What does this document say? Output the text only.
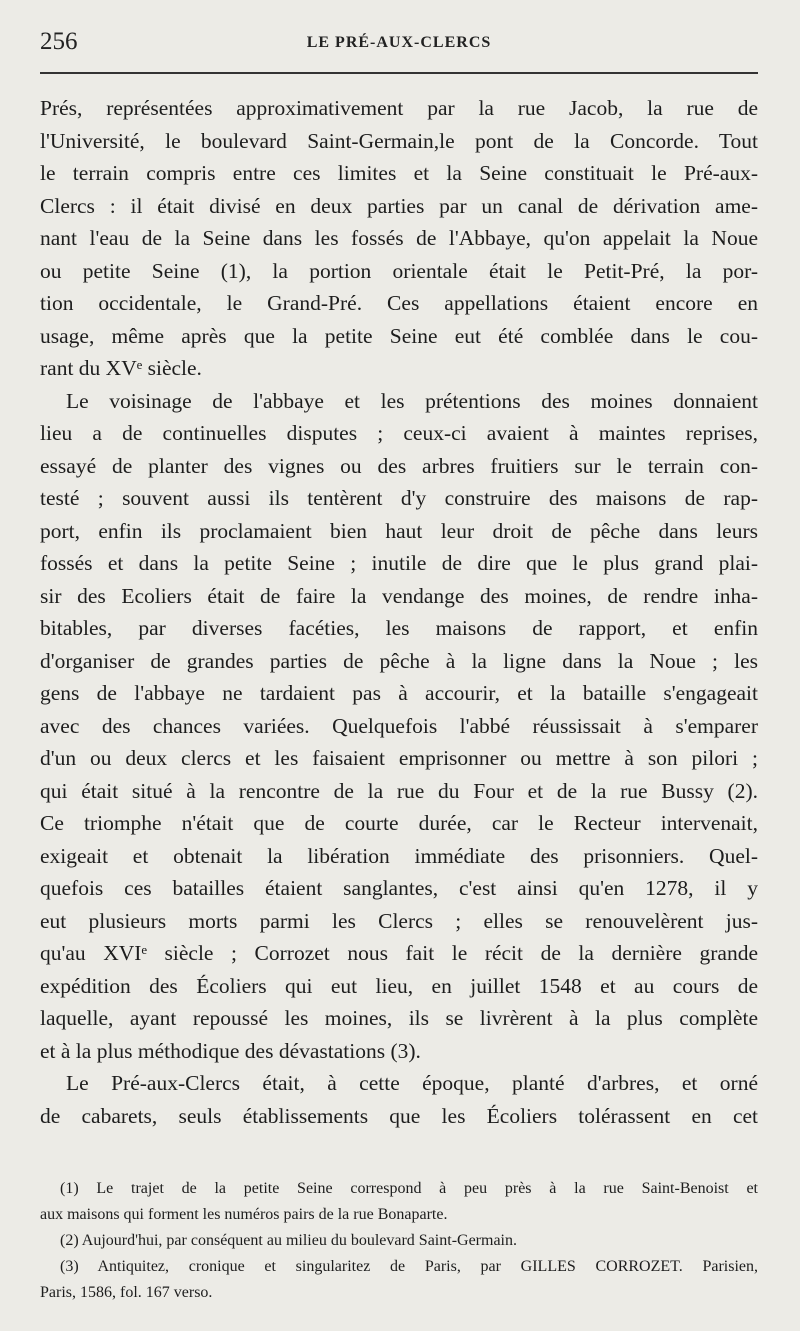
256	LE PRÉ-AUX-CLERCS
Prés, représentées approximativement par la rue Jacob, la rue de
l'Université, le boulevard Saint-Germain,le pont de la Concorde. Tout
le terrain compris entre ces limites et la Seine constituait le Pré-aux-
Clercs : il était divisé en deux parties par un canal de dérivation ame-
nant l'eau de la Seine dans les fossés de l'Abbaye, qu'on appelait la Noue
ou petite Seine (1), la portion orientale était le Petit-Pré, la por-
tion occidentale, le Grand-Pré. Ces appellations étaient encore en
usage, même après que la petite Seine eut été comblée dans le cou-
rant du XVᵉ siècle.
Le voisinage de l'abbaye et les prétentions des moines donnaient
lieu a de continuelles disputes ; ceux-ci avaient à maintes reprises,
essayé de planter des vignes ou des arbres fruitiers sur le terrain con-
testé ; souvent aussi ils tentèrent d'y construire des maisons de rap-
port, enfin ils proclamaient bien haut leur droit de pêche dans leurs
fossés et dans la petite Seine ; inutile de dire que le plus grand plai-
sir des Ecoliers était de faire la vendange des moines, de rendre inha-
bitables, par diverses facéties, les maisons de rapport, et enfin
d'organiser de grandes parties de pêche à la ligne dans la Noue ; les
gens de l'abbaye ne tardaient pas à accourir, et la bataille s'engageait
avec des chances variées. Quelquefois l'abbé réussissait à s'emparer
d'un ou deux clercs et les faisaient emprisonner ou mettre à son pilori ;
qui était situé à la rencontre de la rue du Four et de la rue Bussy (2).
Ce triomphe n'était que de courte durée, car le Recteur intervenait,
exigeait et obtenait la libération immédiate des prisonniers. Quel-
quefois ces batailles étaient sanglantes, c'est ainsi qu'en 1278, il y
eut plusieurs morts parmi les Clercs ; elles se renouvelèrent jus-
qu'au XVIᵉ siècle ; Corrozet nous fait le récit de la dernière grande
expédition des Écoliers qui eut lieu, en juillet 1548 et au cours de
laquelle, ayant repoussé les moines, ils se livrèrent à la plus complète
et à la plus méthodique des dévastations (3).
Le Pré-aux-Clercs était, à cette époque, planté d'arbres, et orné
de cabarets, seuls établissements que les Écoliers tolérassent en cet
(1) Le trajet de la petite Seine correspond à peu près à la rue Saint-Benoist et
aux maisons qui forment les numéros pairs de la rue Bonaparte.
(2) Aujourd'hui, par conséquent au milieu du boulevard Saint-Germain.
(3) Antiquitez, cronique et singularitez de Paris, par GILLES CORROZET. Parisien,
Paris, 1586, fol. 167 verso.
